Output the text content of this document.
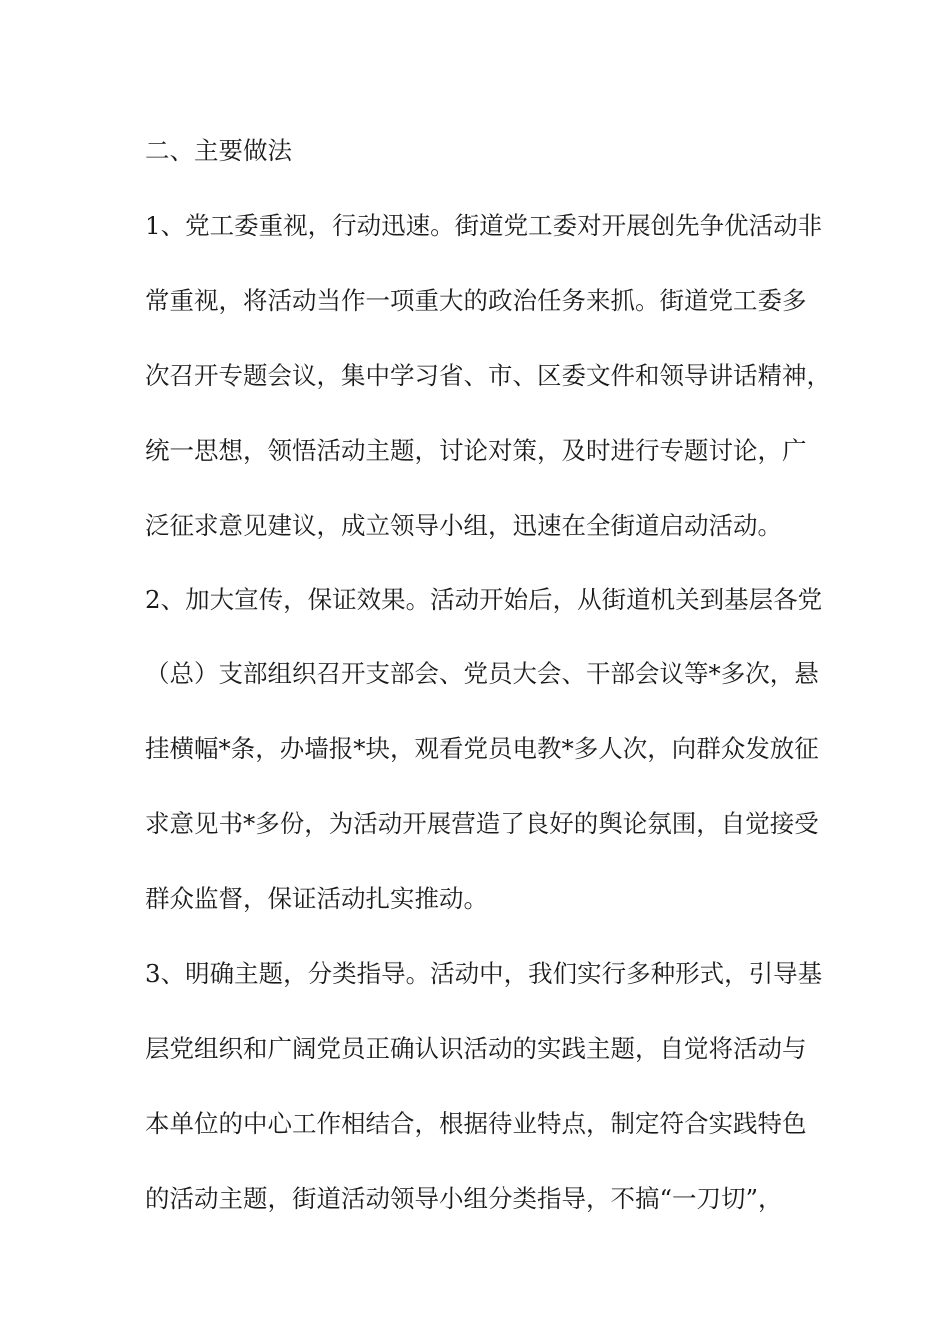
二、主要做法
1、党工委重视，行动迅速。街道党工委对开展创先争优活动非
常重视，将活动当作一项重大的政治任务来抓。街道党工委多
次召开专题会议，集中学习省、市、区委文件和领导讲话精神，
统一思想，领悟活动主题，讨论对策，及时进行专题讨论，广
泛征求意见建议，成立领导小组，迅速在全街道启动活动。
2、加大宣传，保证效果。活动开始后，从街道机关到基层各党
（总）支部组织召开支部会、党员大会、干部会议等*多次，悬
挂横幅*条，办墙报*块，观看党员电教*多人次，向群众发放征
求意见书*多份，为活动开展营造了良好的舆论氛围，自觉接受
群众监督，保证活动扎实推动。
3、明确主题，分类指导。活动中，我们实行多种形式，引导基
层党组织和广阔党员正确认识活动的实践主题，自觉将活动与
本单位的中心工作相结合，根据待业特点，制定符合实践特色
的活动主题，街道活动领导小组分类指导，不搞“一刀切”，
